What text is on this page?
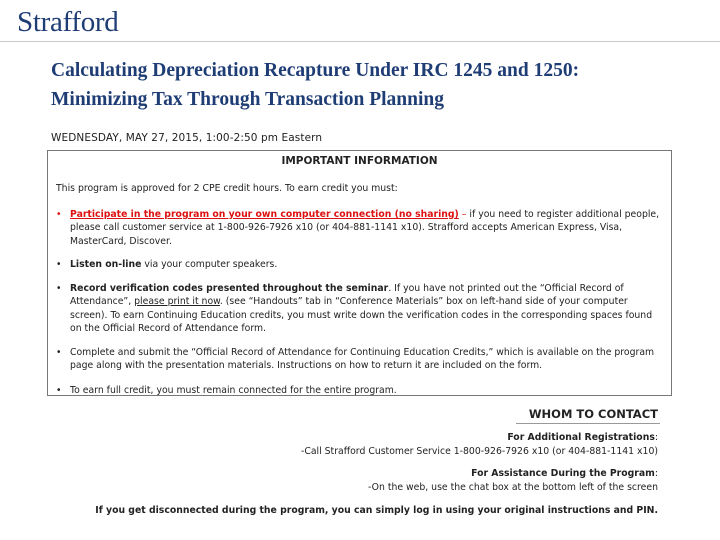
Strafford
Calculating Depreciation Recapture Under IRC 1245 and 1250:
Minimizing Tax Through Transaction Planning
WEDNESDAY, MAY 27, 2015, 1:00-2:50 pm Eastern
IMPORTANT INFORMATION
This program is approved for 2 CPE credit hours. To earn credit you must:
• Participate in the program on your own computer connection (no sharing) – if you need to register additional people, please call customer service at 1-800-926-7926 x10 (or 404-881-1141 x10). Strafford accepts American Express, Visa, MasterCard, Discover.
• Listen on-line via your computer speakers.
• Record verification codes presented throughout the seminar. If you have not printed out the “Official Record of Attendance”, please print it now. (see “Handouts” tab in “Conference Materials” box on left-hand side of your computer screen). To earn Continuing Education credits, you must write down the verification codes in the corresponding spaces found on the Official Record of Attendance form.
• Complete and submit the “Official Record of Attendance for Continuing Education Credits,” which is available on the program page along with the presentation materials. Instructions on how to return it are included on the form.
• To earn full credit, you must remain connected for the entire program.
WHOM TO CONTACT
For Additional Registrations:
-Call Strafford Customer Service 1-800-926-7926 x10 (or 404-881-1141 x10)
For Assistance During the Program:
-On the web, use the chat box at the bottom left of the screen
If you get disconnected during the program, you can simply log in using your original instructions and PIN.
